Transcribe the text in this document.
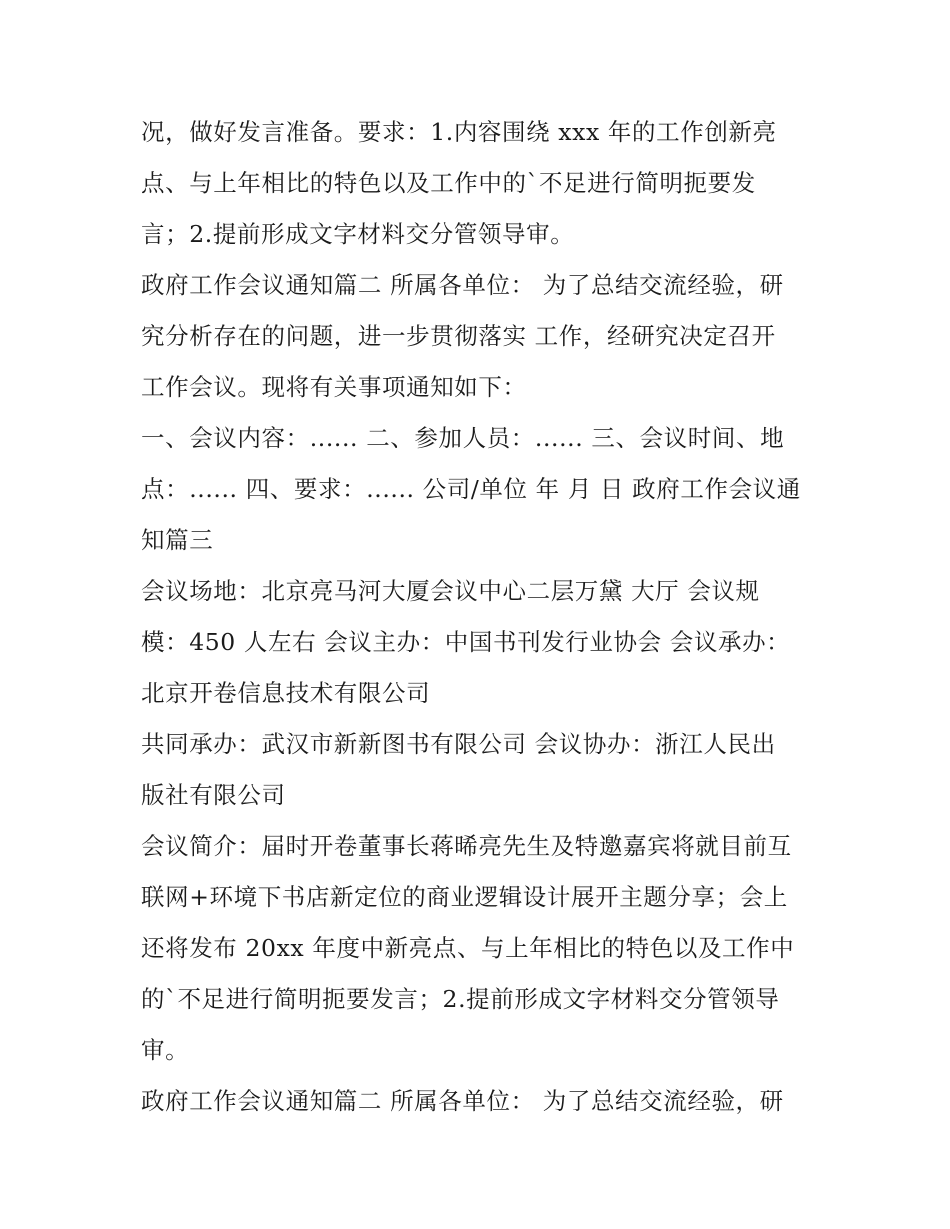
况，做好发言准备。要求：1.内容围绕 xxx 年的工作创新亮
点、与上年相比的特色以及工作中的`不足进行简明扼要发
言；2.提前形成文字材料交分管领导审。
政府工作会议通知篇二 所属各单位： 为了总结交流经验，研
究分析存在的问题，进一步贯彻落实 工作，经研究决定召开
工作会议。现将有关事项通知如下：
一、会议内容：...... 二、参加人员：...... 三、会议时间、地
点：...... 四、要求：...... 公司/单位 年 月 日 政府工作会议通
知篇三
会议场地：北京亮马河大厦会议中心二层万黛 大厅 会议规
模：450 人左右 会议主办：中国书刊发行业协会 会议承办：
北京开卷信息技术有限公司
共同承办：武汉市新新图书有限公司 会议协办：浙江人民出
版社有限公司
会议简介：届时开卷董事长蒋晞亮先生及特邀嘉宾将就目前互
联网+环境下书店新定位的商业逻辑设计展开主题分享；会上
还将发布 20xx 年度中新亮点、与上年相比的特色以及工作中
的`不足进行简明扼要发言；2.提前形成文字材料交分管领导
审。
政府工作会议通知篇二 所属各单位： 为了总结交流经验，研
